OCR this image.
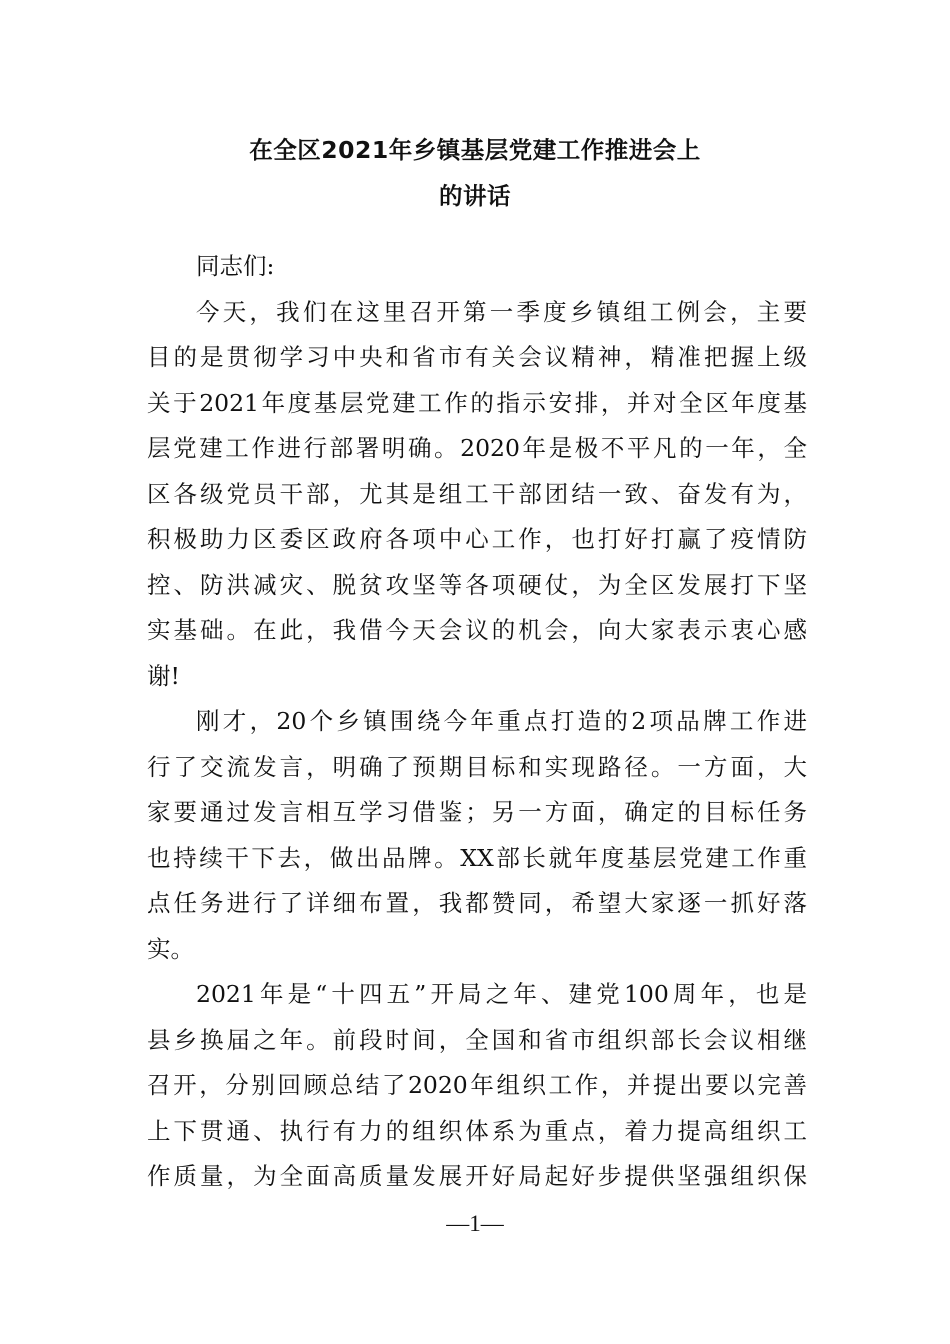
在全区2021年乡镇基层党建工作推进会上
的讲话
同志们:
今天，我们在这里召开第一季度乡镇组工例会，主要
目的是贯彻学习中央和省市有关会议精神，精准把握上级
关于2021年度基层党建工作的指示安排，并对全区年度基
层党建工作进行部署明确。2020年是极不平凡的一年，全
区各级党员干部，尤其是组工干部团结一致、奋发有为，
积极助力区委区政府各项中心工作，也打好打赢了疫情防
控、防洪减灾、脱贫攻坚等各项硬仗，为全区发展打下坚
实基础。在此，我借今天会议的机会，向大家表示衷心感
谢!
刚才，20个乡镇围绕今年重点打造的2项品牌工作进
行了交流发言，明确了预期目标和实现路径。一方面，大
家要通过发言相互学习借鉴；另一方面，确定的目标任务
也持续干下去，做出品牌。XX部长就年度基层党建工作重
点任务进行了详细布置，我都赞同，希望大家逐一抓好落
实。
2021年是“十四五”开局之年、建党100周年，也是
县乡换届之年。前段时间，全国和省市组织部长会议相继
召开，分别回顾总结了2020年组织工作，并提出要以完善
上下贯通、执行有力的组织体系为重点，着力提高组织工
作质量，为全面高质量发展开好局起好步提供坚强组织保
—1—
